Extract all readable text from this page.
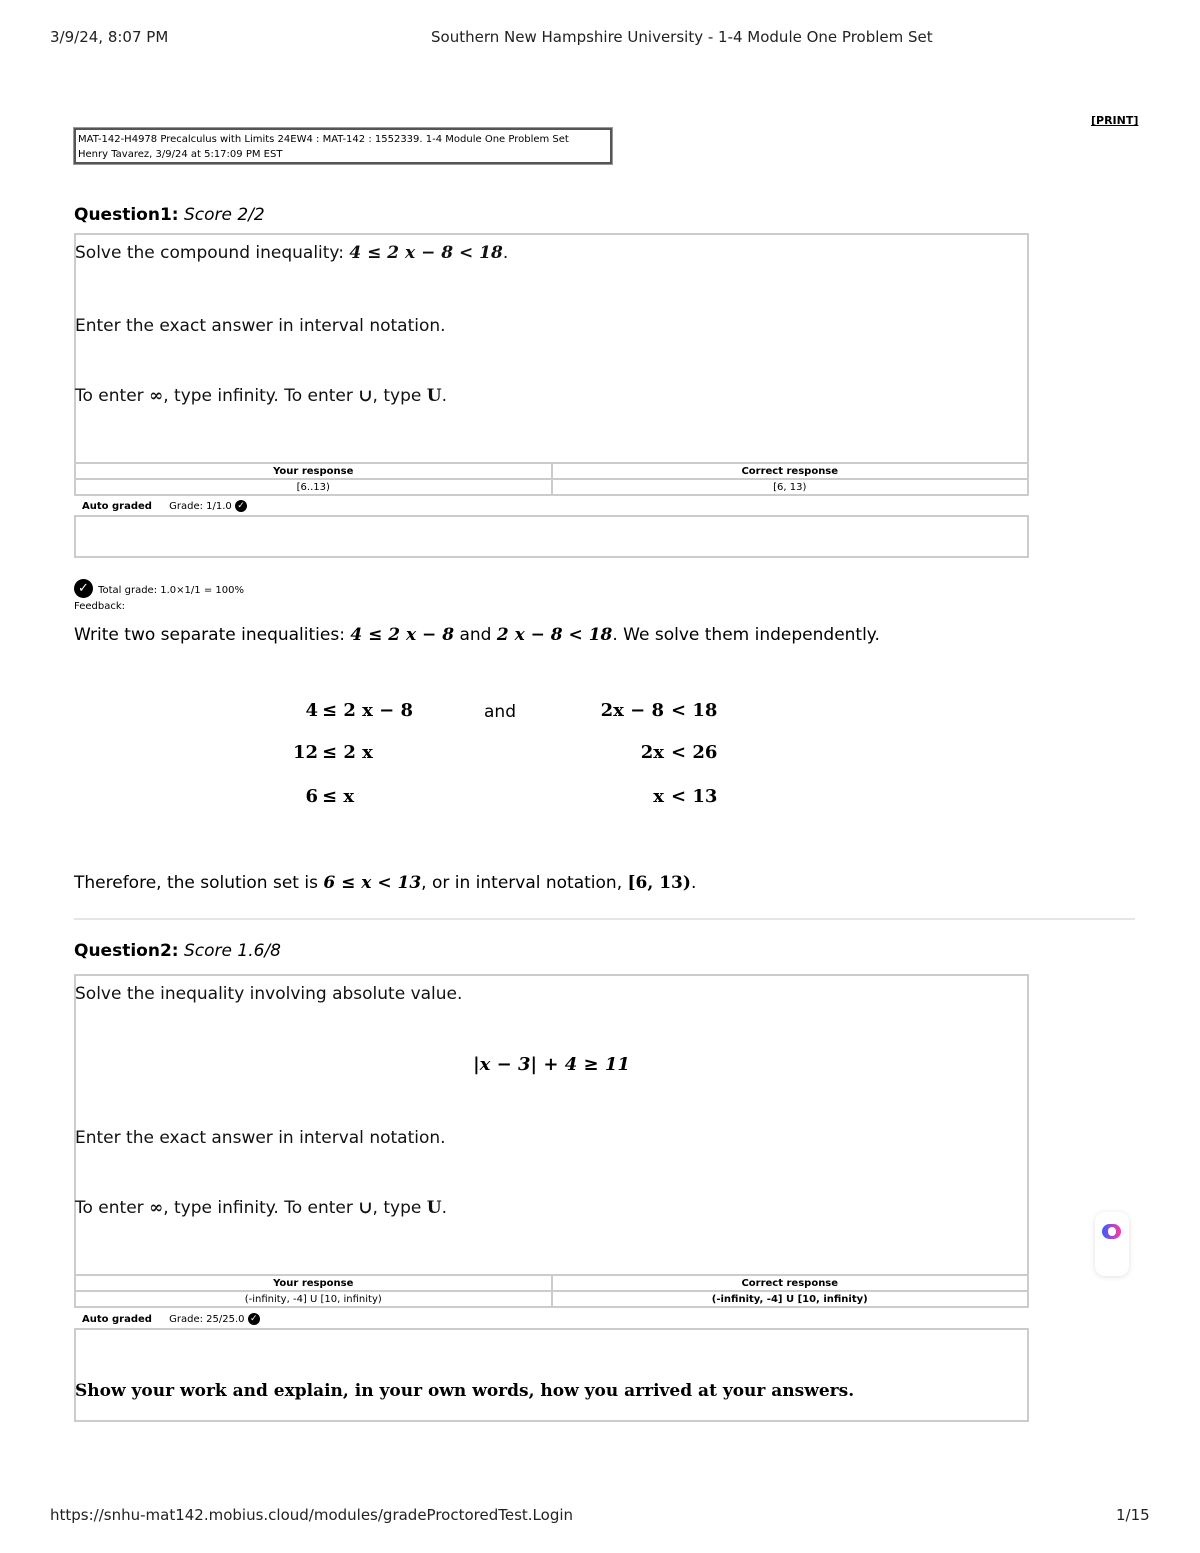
3/9/24, 8:07 PM	Southern New Hampshire University - 1-4 Module One Problem Set
[PRINT]
MAT-142-H4978 Precalculus with Limits 24EW4 : MAT-142 : 1552339. 1-4 Module One Problem Set
Henry Tavarez, 3/9/24 at 5:17:09 PM EST
Question1: Score 2/2
Solve the compound inequality: 4 ≤ 2 x − 8 < 18.
Enter the exact answer in interval notation.
To enter ∞, type infinity. To enter ∪, type U.
Your response	Correct response
[6..13)	[6, 13)
Auto graded Grade: 1/1.0 ✓
✓ Total grade: 1.0×1/1 = 100%
Feedback:
Write two separate inequalities: 4 ≤ 2 x − 8 and 2 x − 8 < 18. We solve them independently.
4 ≤ 2 x − 8
12 ≤ 2 x
6 ≤ x
and	2x − 8 < 18
2x < 26
x < 13
Therefore, the solution set is 6 ≤ x < 13, or in interval notation, [6, 13).
Question2: Score 1.6/8
Solve the inequality involving absolute value.
|x − 3| + 4 ≥ 11
Enter the exact answer in interval notation.
To enter ∞, type infinity. To enter ∪, type U.
Your response	Correct response
(-infinity, -4] U [10, infinity)	(-infinity, -4] U [10, infinity)
Auto graded Grade: 25/25.0 ✓
Show your work and explain, in your own words, how you arrived at your answers.
https://snhu-mat142.mobius.cloud/modules/gradeProctoredTest.Login	1/15
